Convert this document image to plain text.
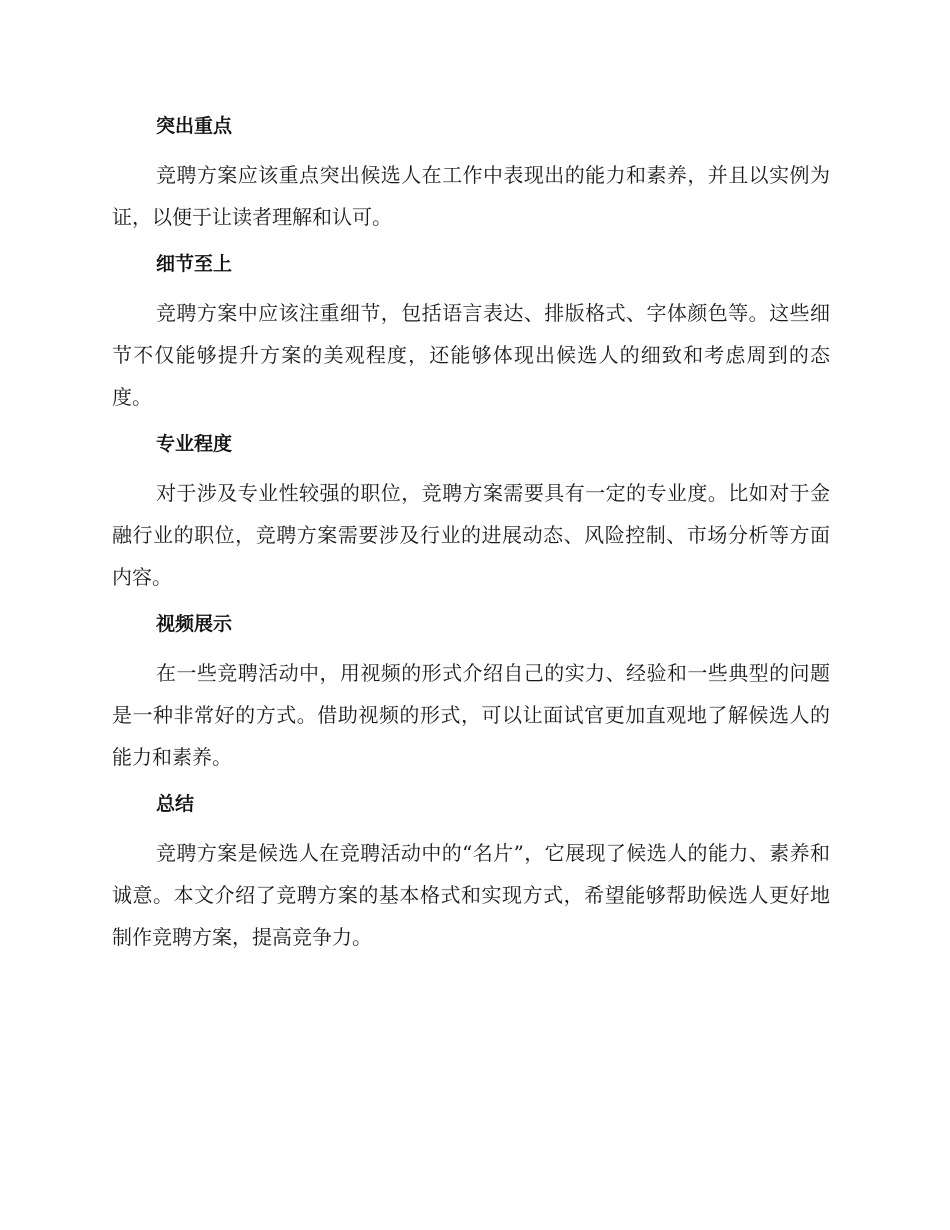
突出重点

竞聘方案应该重点突出候选人在工作中表现出的能力和素养，并且以实例为证，以便于让读者理解和认可。

细节至上

竞聘方案中应该注重细节，包括语言表达、排版格式、字体颜色等。这些细节不仅能够提升方案的美观程度，还能够体现出候选人的细致和考虑周到的态度。

专业程度

对于涉及专业性较强的职位，竞聘方案需要具有一定的专业度。比如对于金融行业的职位，竞聘方案需要涉及行业的进展动态、风险控制、市场分析等方面内容。

视频展示

在一些竞聘活动中，用视频的形式介绍自己的实力、经验和一些典型的问题是一种非常好的方式。借助视频的形式，可以让面试官更加直观地了解候选人的能力和素养。

总结

竞聘方案是候选人在竞聘活动中的“名片”，它展现了候选人的能力、素养和诚意。本文介绍了竞聘方案的基本格式和实现方式，希望能够帮助候选人更好地制作竞聘方案，提高竞争力。
